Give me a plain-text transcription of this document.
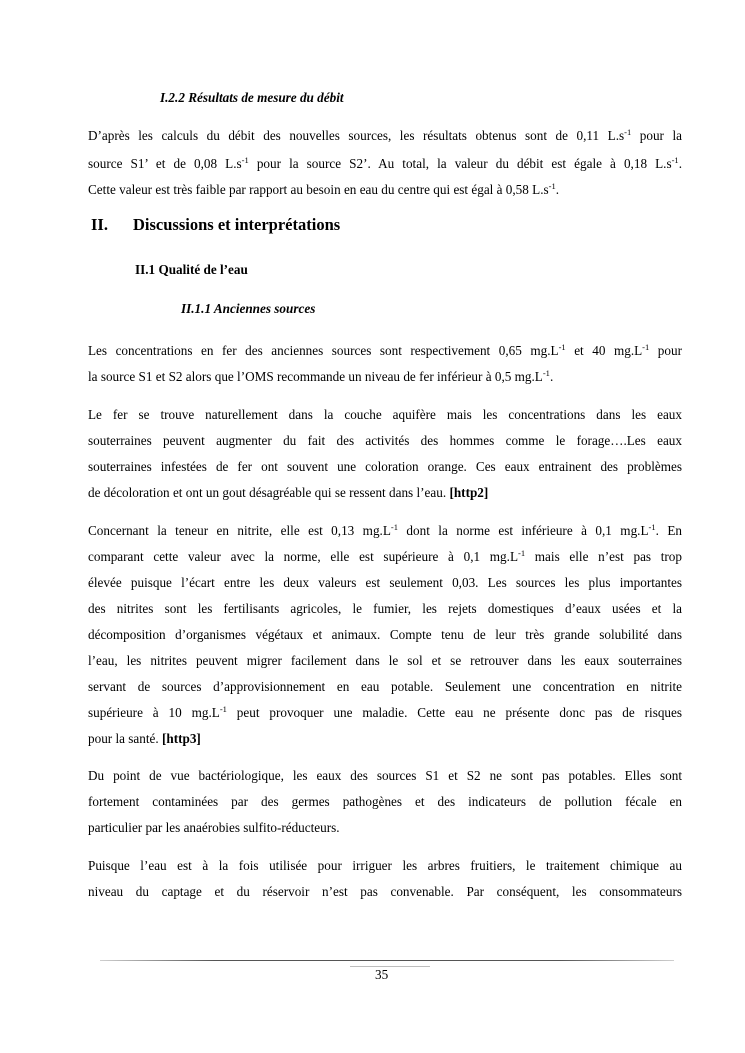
I.2.2 Résultats de mesure du débit
D’après les calculs du débit des nouvelles sources, les résultats obtenus sont de 0,11 $L.s^{-1}$ pour la
source S1’ et de 0,08 $L.s^{-1}$ pour la source S2’. Au total, la valeur du débit est égale à 0,18 $L.s^{-1}$.
Cette valeur est très faible par rapport au besoin en eau du centre qui est égal à 0,58 $L.s^{-1}$.
II. Discussions et interprétations
II.1 Qualité de l’eau
II.1.1 Anciennes sources
Les concentrations en fer des anciennes sources sont respectivement 0,65 $mg.L^{-1}$ et 40 $mg.L^{-1}$ pour
la source S1 et S2 alors que l’OMS recommande un niveau de fer inférieur à 0,5 $mg.L^{-1}$.
Le fer se trouve naturellement dans la couche aquifère mais les concentrations dans les eaux
souterraines peuvent augmenter du fait des activités des hommes comme le forage….Les eaux
souterraines infestées de fer ont souvent une coloration orange. Ces eaux entrainent des problèmes
de décoloration et ont un gout désagréable qui se ressent dans l’eau. [http2]
Concernant la teneur en nitrite, elle est 0,13 $mg.L^{-1}$ dont la norme est inférieure à 0,1 $mg.L^{-1}$. En
comparant cette valeur avec la norme, elle est supérieure à 0,1 $mg.L^{-1}$ mais elle n’est pas trop
élevée puisque l’écart entre les deux valeurs est seulement 0,03. Les sources les plus importantes
des nitrites sont les fertilisants agricoles, le fumier, les rejets domestiques d’eaux usées et la
décomposition d’organismes végétaux et animaux. Compte tenu de leur très grande solubilité dans
l’eau, les nitrites peuvent migrer facilement dans le sol et se retrouver dans les eaux souterraines
servant de sources d’approvisionnement en eau potable. Seulement une concentration en nitrite
supérieure à 10 $mg.L^{-1}$ peut provoquer une maladie. Cette eau ne présente donc pas de risques
pour la santé. [http3]
Du point de vue bactériologique, les eaux des sources S1 et S2 ne sont pas potables. Elles sont
fortement contaminées par des germes pathogènes et des indicateurs de pollution fécale en
particulier par les anaérobies sulfito-réducteurs.
Puisque l’eau est à la fois utilisée pour irriguer les arbres fruitiers, le traitement chimique au
niveau du captage et du réservoir n’est pas convenable. Par conséquent, les consommateurs
35
